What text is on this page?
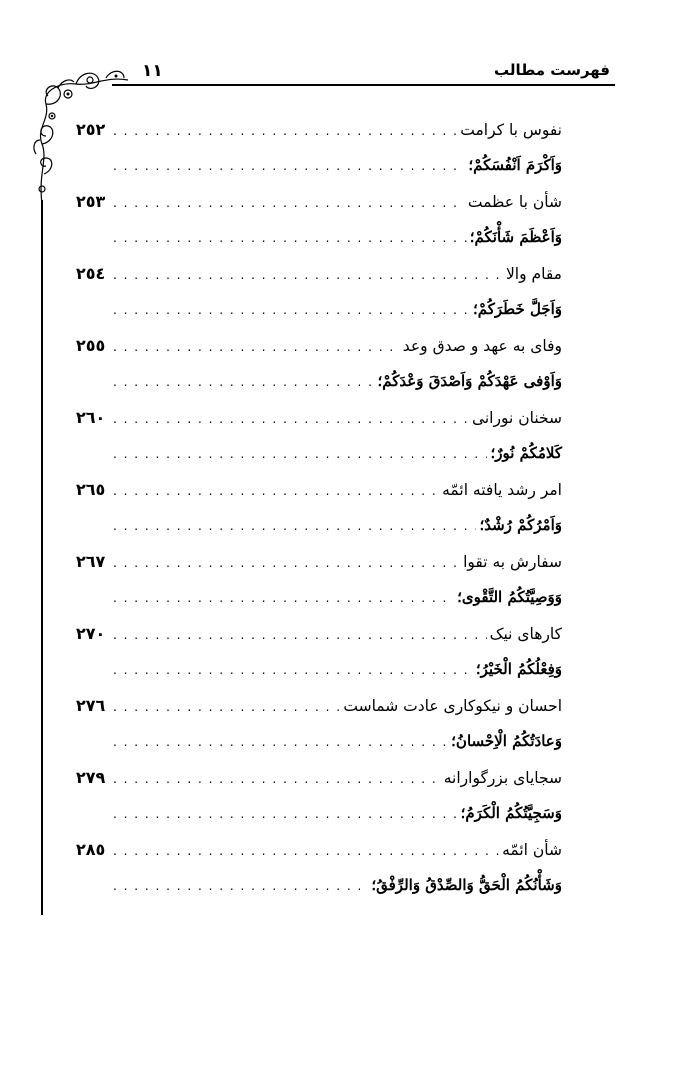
فهرست مطالب
١١
نفوس با کرامت
. . .
٢٥٢
وَاَكْرَمَ اَنْفُسَكُمْ؛
. . .
شأن با عظمت
. . .
٢٥٣
وَاَعْظَمَ شَأْنَكُمْ؛
. . .
مقام والا
. . .
٢٥٤
وَاَجَلَّ خَطَرَكُمْ؛
. . .
وفای به عهد و صدق وعد
. . .
٢٥٥
وَاَوْفى عَهْدَكُمْ وَاَصْدَقَ وَعْدَكُمْ؛
. . .
سخنان نورانی
. . .
٢٦٠
كَلامُكُمْ نُورٌ؛
. . .
امر رشد یافته ائمّه
. . .
٢٦٥
وَاَمْرُكُمْ رُشْدٌ؛
. . .
سفارش به تقوا
. . .
٢٦٧
وَوَصِيَّتُكُمُ التَّقْوى؛
. . .
کارهای نیک
. . .
٢٧٠
وَفِعْلُكُمُ الْخَيْرُ؛
. . .
احسان و نیکوکاری عادت شماست
. . .
٢٧٦
وَعادَتُكُمُ الْاِحْسانُ؛
. . .
سجایای بزرگوارانه
. . .
٢٧٩
وَسَجِيَّتُكُمُ الْكَرَمُ؛
. . .
شأن ائمّه
. . .
٢٨٥
وَشَأْنُكُمُ الْحَقُّ وَالصِّدْقُ وَالرِّفْقُ؛
. . .
